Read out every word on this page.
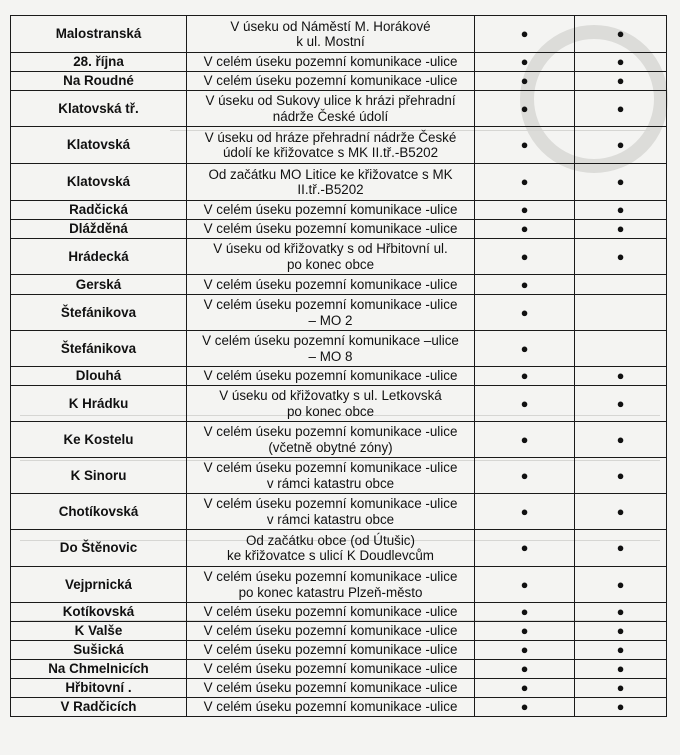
Malostranská	V úseku od Náměstí M. Horákové
k ul. Mostní	●	●
28. října	V celém úseku pozemní komunikace -ulice	●	●
Na Roudné	V celém úseku pozemní komunikace -ulice	●	●
Klatovská tř.	V úseku od Sukovy ulice k hrázi přehradní
nádrže České údolí	●	●
Klatovská	V úseku od hráze přehradní nádrže České
údolí ke křižovatce s MK II.tř.-B5202	●	●
Klatovská	Od začátku MO Litice ke křižovatce s MK
II.tř.-B5202	●	●
Radčická	V celém úseku pozemní komunikace -ulice	●	●
Dlážděná	V celém úseku pozemní komunikace -ulice	●	●
Hrádecká	V úseku od křižovatky s od Hřbitovní ul.
po konec obce	●	●
Gerská	V celém úseku pozemní komunikace -ulice	●	
Štefánikova	V celém úseku pozemní komunikace -ulice
– MO 2	●	
Štefánikova	V celém úseku pozemní komunikace –ulice
– MO 8	●	
Dlouhá	V celém úseku pozemní komunikace -ulice	●	●
K Hrádku	V úseku od křižovatky s ul. Letkovská
po konec obce	●	●
Ke Kostelu	V celém úseku pozemní komunikace -ulice
(včetně obytné zóny)	●	●
K Sinoru	V celém úseku pozemní komunikace -ulice
v rámci katastru obce	●	●
Chotíkovská	V celém úseku pozemní komunikace -ulice
v rámci katastru obce	●	●
Do Štěnovic	Od začátku obce (od Útušic)
ke křižovatce s ulicí K Doudlevcům	●	●
Vejprnická	V celém úseku pozemní komunikace -ulice
po konec katastru Plzeň-město	●	●
Kotíkovská	V celém úseku pozemní komunikace -ulice	●	●
K Valše	V celém úseku pozemní komunikace -ulice	●	●
Sušická	V celém úseku pozemní komunikace -ulice	●	●
Na Chmelnicích	V celém úseku pozemní komunikace -ulice	●	●
Hřbitovní .	V celém úseku pozemní komunikace -ulice	●	●
V Radčicích	V celém úseku pozemní komunikace -ulice	●	●
